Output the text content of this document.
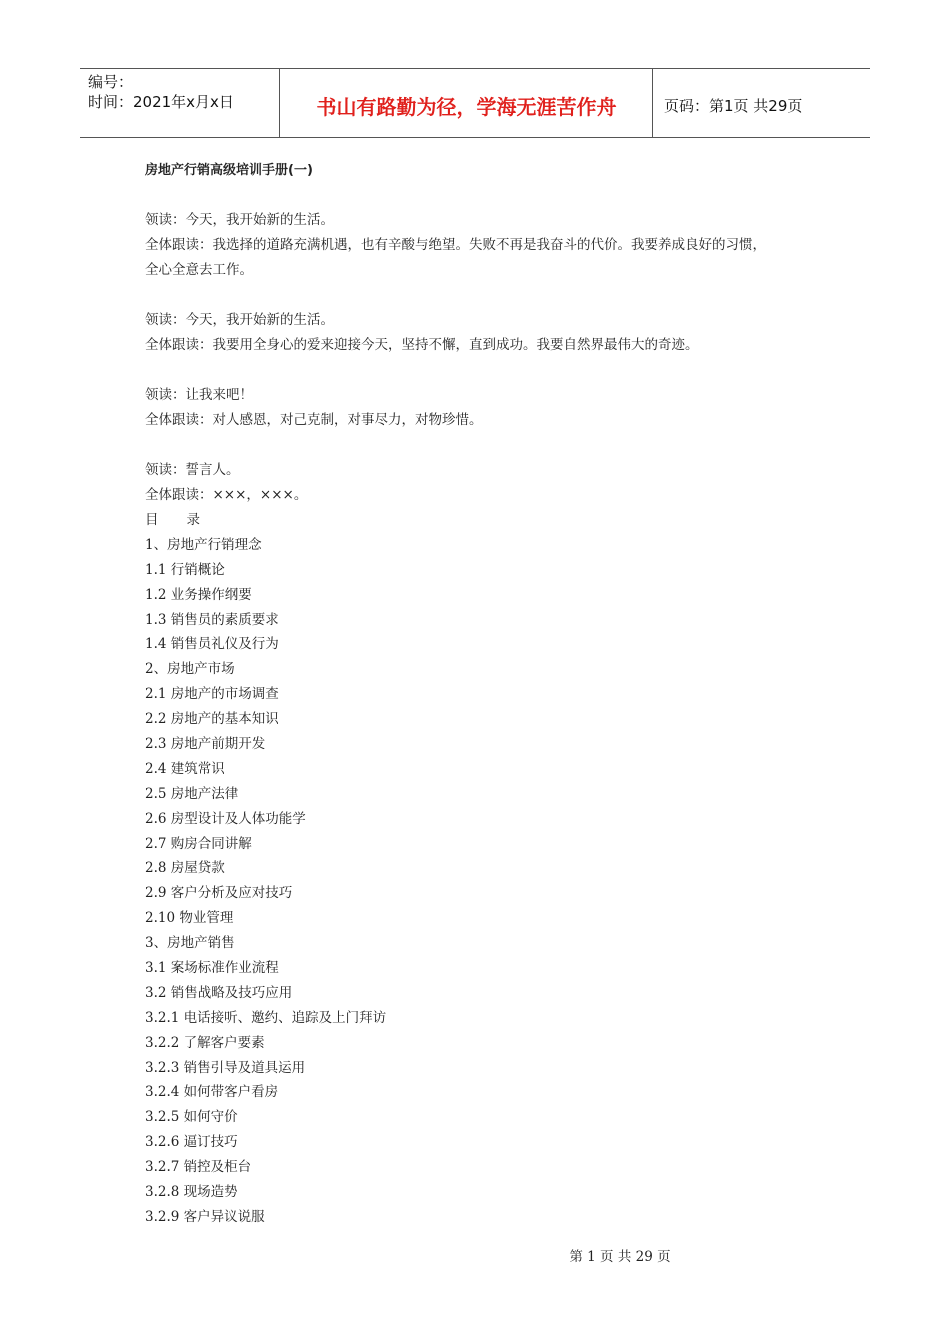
编号：
时间：2021年x月x日	书山有路勤为径，学海无涯苦作舟	页码：第1页 共29页
房地产行销高级培训手册(一)
领读：今天，我开始新的生活。
全体跟读：我选择的道路充满机遇，也有辛酸与绝望。失败不再是我奋斗的代价。我要养成良好的习惯，
全心全意去工作。
领读：今天，我开始新的生活。
全体跟读：我要用全身心的爱来迎接今天，坚持不懈，直到成功。我要自然界最伟大的奇迹。
领读：让我来吧！
全体跟读：对人感恩，对己克制，对事尽力，对物珍惜。
领读：誓言人。
全体跟读：×××，×××。
目 录
1、房地产行销理念
1.1 行销概论
1.2 业务操作纲要
1.3 销售员的素质要求
1.4 销售员礼仪及行为
2、房地产市场
2.1 房地产的市场调查
2.2 房地产的基本知识
2.3 房地产前期开发
2.4 建筑常识
2.5 房地产法律
2.6 房型设计及人体功能学
2.7 购房合同讲解
2.8 房屋贷款
2.9 客户分析及应对技巧
2.10 物业管理
3、房地产销售
3.1 案场标准作业流程
3.2 销售战略及技巧应用
3.2.1 电话接听、邀约、追踪及上门拜访
3.2.2 了解客户要素
3.2.3 销售引导及道具运用
3.2.4 如何带客户看房
3.2.5 如何守价
3.2.6 逼订技巧
3.2.7 销控及柜台
3.2.8 现场造势
3.2.9 客户异议说服
第 1 页 共 29 页
